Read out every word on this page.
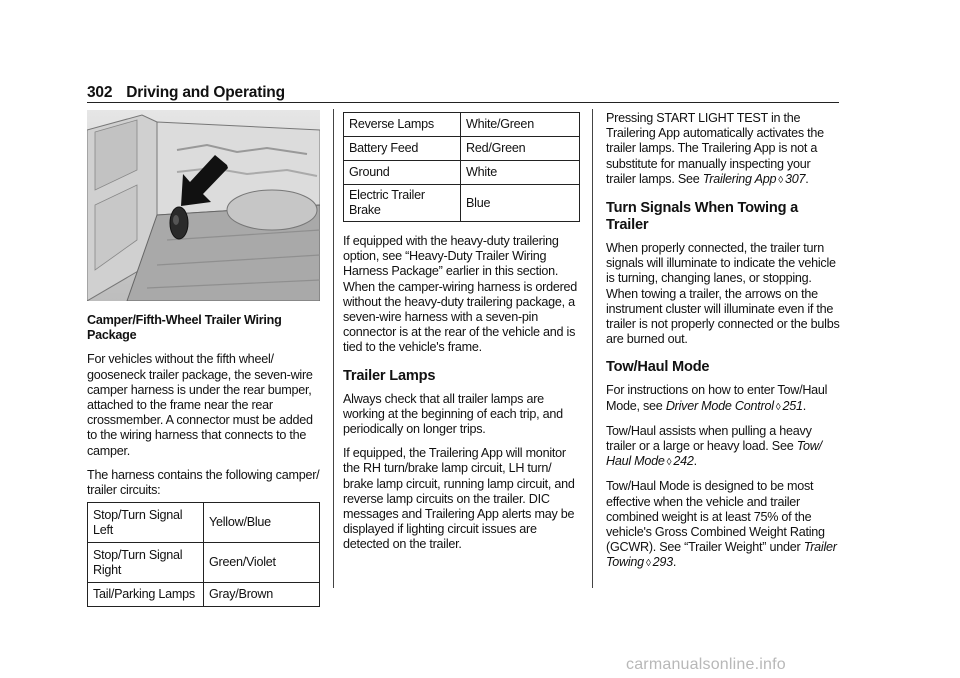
302 Driving and Operating

Camper/Fifth-Wheel Trailer Wiring Package

For vehicles without the fifth wheel/ gooseneck trailer package, the seven-wire camper harness is under the rear bumper, attached to the frame near the rear crossmember. A connector must be added to the wiring harness that connects to the camper.

The harness contains the following camper/ trailer circuits:

Stop/Turn Signal Left	Yellow/Blue
Stop/Turn Signal Right	Green/Violet
Tail/Parking Lamps	Gray/Brown
Reverse Lamps	White/Green
Battery Feed	Red/Green
Ground	White
Electric Trailer Brake	Blue

If equipped with the heavy-duty trailering option, see “Heavy-Duty Trailer Wiring Harness Package” earlier in this section. When the camper-wiring harness is ordered without the heavy-duty trailering package, a seven-wire harness with a seven-pin connector is at the rear of the vehicle and is tied to the vehicle's frame.

Trailer Lamps

Always check that all trailer lamps are working at the beginning of each trip, and periodically on longer trips.

If equipped, the Trailering App will monitor the RH turn/brake lamp circuit, LH turn/ brake lamp circuit, running lamp circuit, and reverse lamp circuits on the trailer. DIC messages and Trailering App alerts may be displayed if lighting circuit issues are detected on the trailer.

Pressing START LIGHT TEST in the Trailering App automatically activates the trailer lamps. The Trailering App is not a substitute for manually inspecting your trailer lamps. See Trailering App ◊ 307.

Turn Signals When Towing a Trailer

When properly connected, the trailer turn signals will illuminate to indicate the vehicle is turning, changing lanes, or stopping. When towing a trailer, the arrows on the instrument cluster will illuminate even if the trailer is not properly connected or the bulbs are burned out.

Tow/Haul Mode

For instructions on how to enter Tow/Haul Mode, see Driver Mode Control ◊ 251.

Tow/Haul assists when pulling a heavy trailer or a large or heavy load. See Tow/ Haul Mode ◊ 242.

Tow/Haul Mode is designed to be most effective when the vehicle and trailer combined weight is at least 75% of the vehicle's Gross Combined Weight Rating (GCWR). See “Trailer Weight” under Trailer Towing ◊ 293.

carmanualsonline.info
